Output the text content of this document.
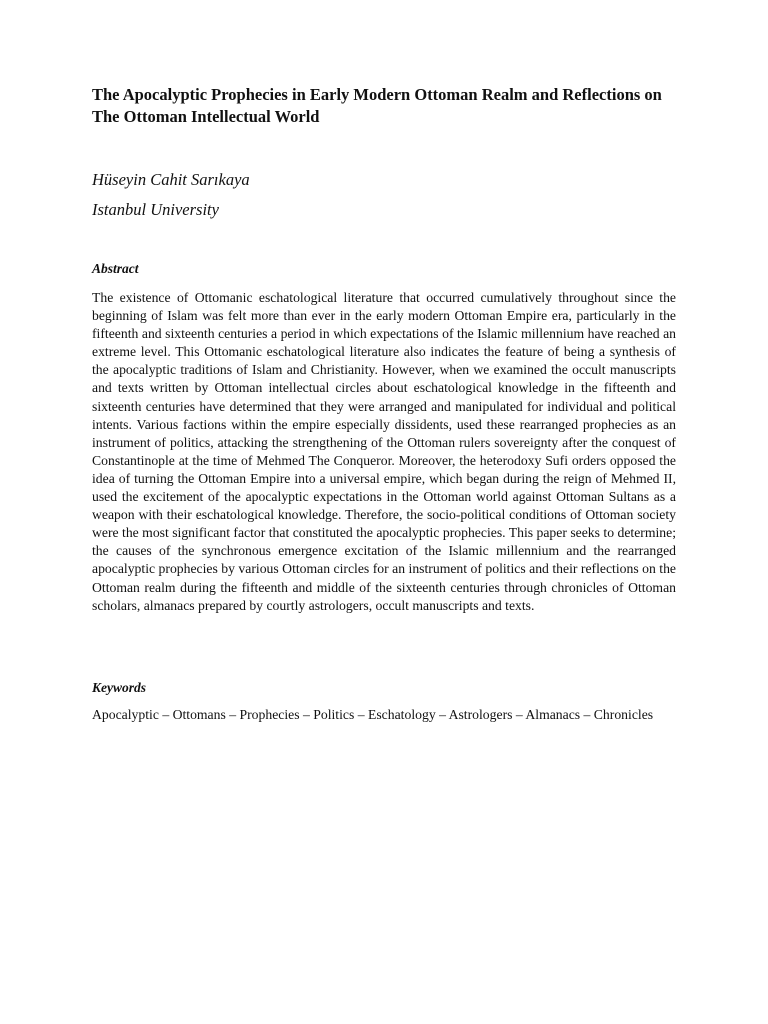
The Apocalyptic Prophecies in Early Modern Ottoman Realm and Reflections on The Ottoman Intellectual World

Hüseyin Cahit Sarıkaya

Istanbul University

Abstract

The existence of Ottomanic eschatological literature that occurred cumulatively throughout since the beginning of Islam was felt more than ever in the early modern Ottoman Empire era, particularly in the fifteenth and sixteenth centuries a period in which expectations of the Islamic millennium have reached an extreme level. This Ottomanic eschatological literature also indicates the feature of being a synthesis of the apocalyptic traditions of Islam and Christianity. However, when we examined the occult manuscripts and texts written by Ottoman intellectual circles about eschatological knowledge in the fifteenth and sixteenth centuries have determined that they were arranged and manipulated for individual and political intents. Various factions within the empire especially dissidents, used these rearranged prophecies as an instrument of politics, attacking the strengthening of the Ottoman rulers sovereignty after the conquest of Constantinople at the time of Mehmed The Conqueror. Moreover, the heterodoxy Sufi orders opposed the idea of turning the Ottoman Empire into a universal empire, which began during the reign of Mehmed II, used the excitement of the apocalyptic expectations in the Ottoman world against Ottoman Sultans as a weapon with their eschatological knowledge. Therefore, the socio-political conditions of Ottoman society were the most significant factor that constituted the apocalyptic prophecies. This paper seeks to determine; the causes of the synchronous emergence excitation of the Islamic millennium and the rearranged apocalyptic prophecies by various Ottoman circles for an instrument of politics and their reflections on the Ottoman realm during the fifteenth and middle of the sixteenth centuries through chronicles of Ottoman scholars, almanacs prepared by courtly astrologers, occult manuscripts and texts.

Keywords

Apocalyptic – Ottomans – Prophecies – Politics – Eschatology – Astrologers – Almanacs – Chronicles
